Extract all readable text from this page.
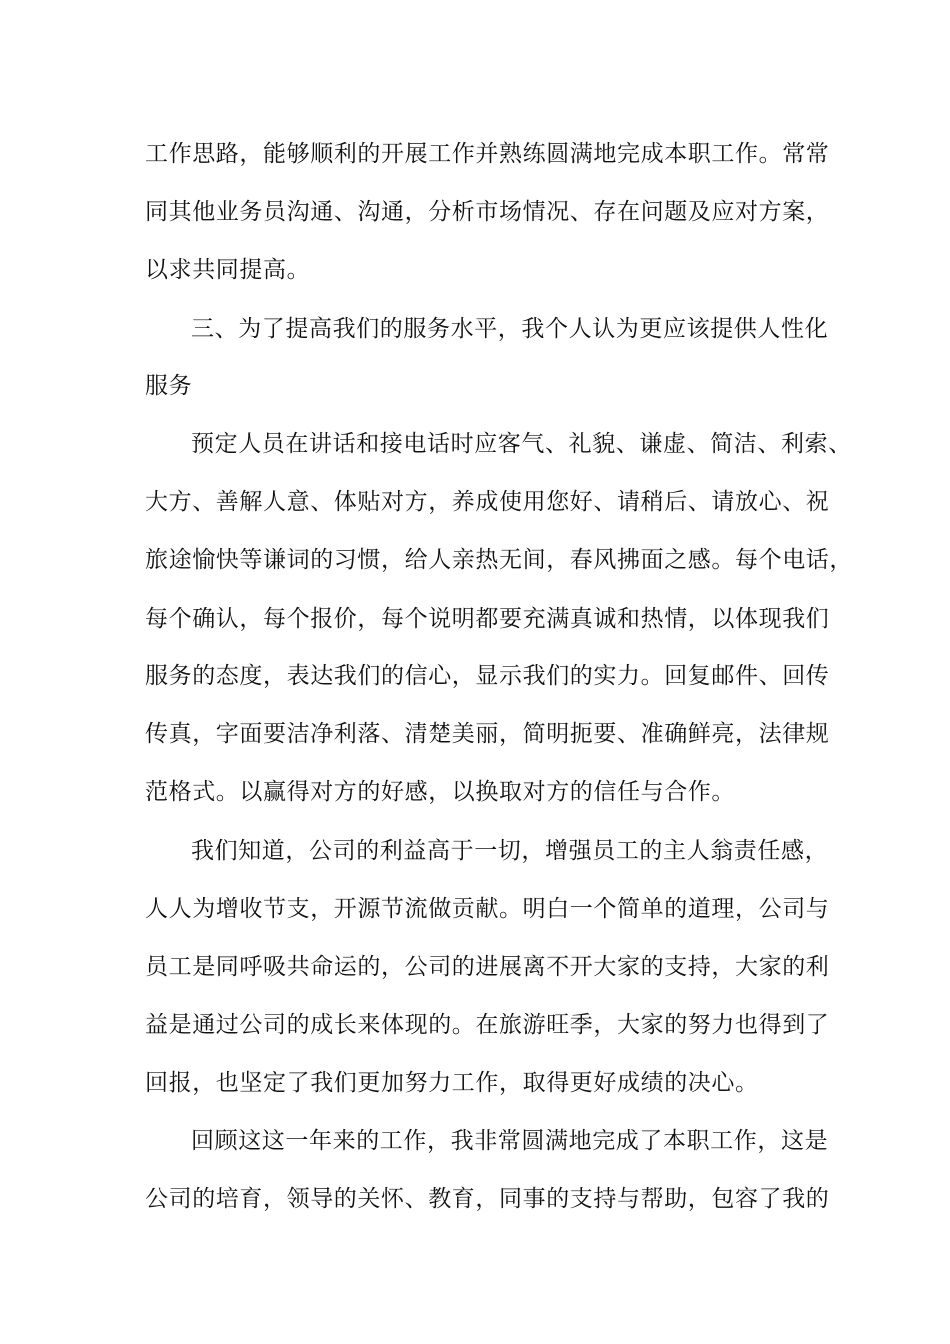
工作思路，能够顺利的开展工作并熟练圆满地完成本职工作。常常
同其他业务员沟通、沟通，分析市场情况、存在问题及应对方案，
以求共同提高。
三、为了提高我们的服务水平，我个人认为更应该提供人性化
服务
预定人员在讲话和接电话时应客气、礼貌、谦虚、简洁、利索、
大方、善解人意、体贴对方，养成使用您好、请稍后、请放心、祝
旅途愉快等谦词的习惯，给人亲热无间，春风拂面之感。每个电话，
每个确认，每个报价，每个说明都要充满真诚和热情，以体现我们
服务的态度，表达我们的信心，显示我们的实力。回复邮件、回传
传真，字面要洁净利落、清楚美丽，简明扼要、准确鲜亮，法律规
范格式。以赢得对方的好感，以换取对方的信任与合作。
我们知道，公司的利益高于一切，增强员工的主人翁责任感，
人人为增收节支，开源节流做贡献。明白一个简单的道理，公司与
员工是同呼吸共命运的，公司的进展离不开大家的支持，大家的利
益是通过公司的成长来体现的。在旅游旺季，大家的努力也得到了
回报，也坚定了我们更加努力工作，取得更好成绩的决心。
回顾这这一年来的工作，我非常圆满地完成了本职工作，这是
公司的培育，领导的关怀、教育，同事的支持与帮助，包容了我的
